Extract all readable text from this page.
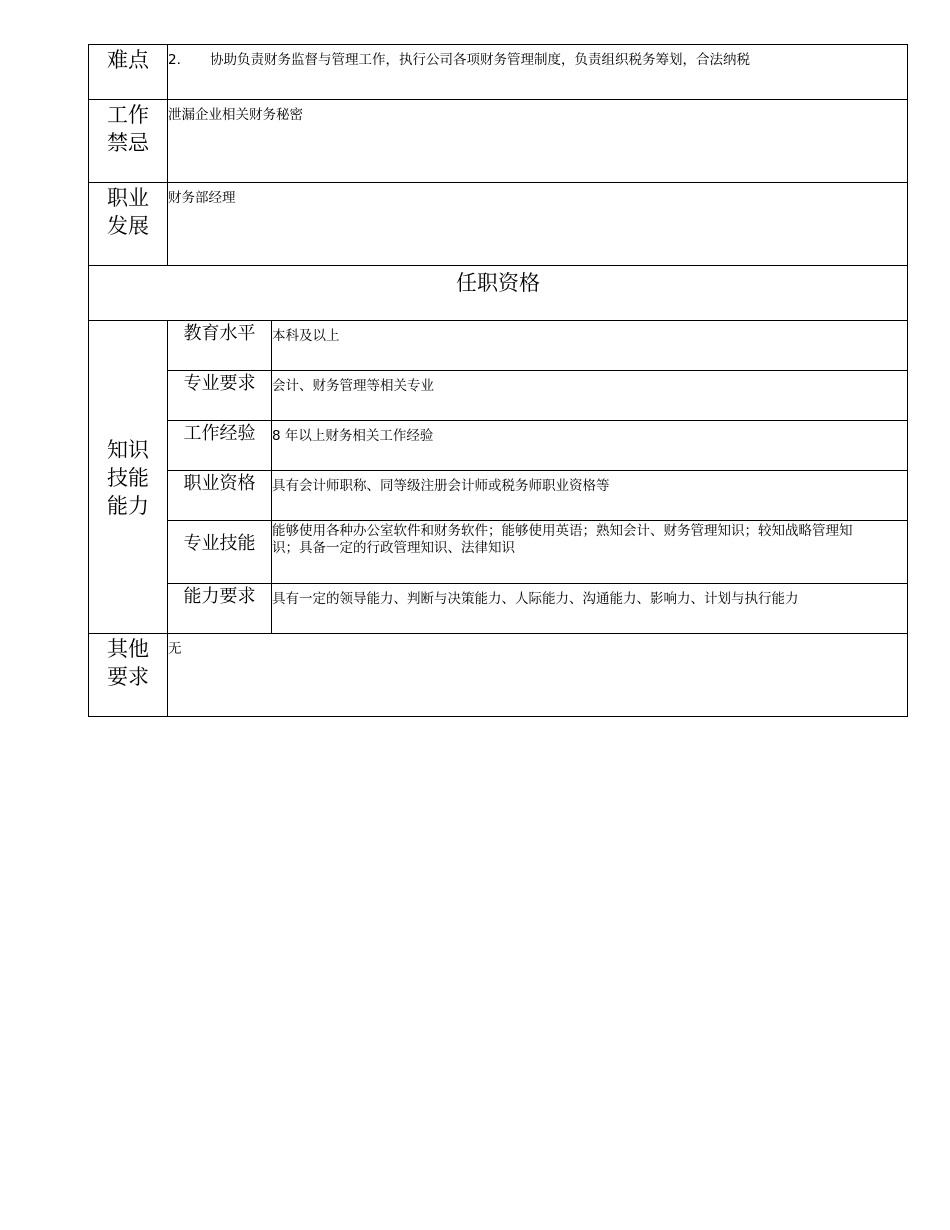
难点	2. 协助负责财务监督与管理工作，执行公司各项财务管理制度，负责组织税务筹划，合法纳税	

工作
禁忌	泄漏企业相关财务秘密	

职业
发展	财务部经理	
任职资格		

知识
技能
能力	教育水平	本科及以上
	专业要求	会计、财务管理等相关专业
	工作经验	8 年以上财务相关工作经验
	职业资格	具有会计师职称、同等级注册会计师或税务师职业资格等
	专业技能	能够使用各种办公室软件和财务软件；能够使用英语；熟知会计、财务管理知识；较知战略管理知识；具备一定的行政管理知识、法律知识
	能力要求	具有一定的领导能力、判断与决策能力、人际能力、沟通能力、影响力、计划与执行能力

其他
要求	无	
